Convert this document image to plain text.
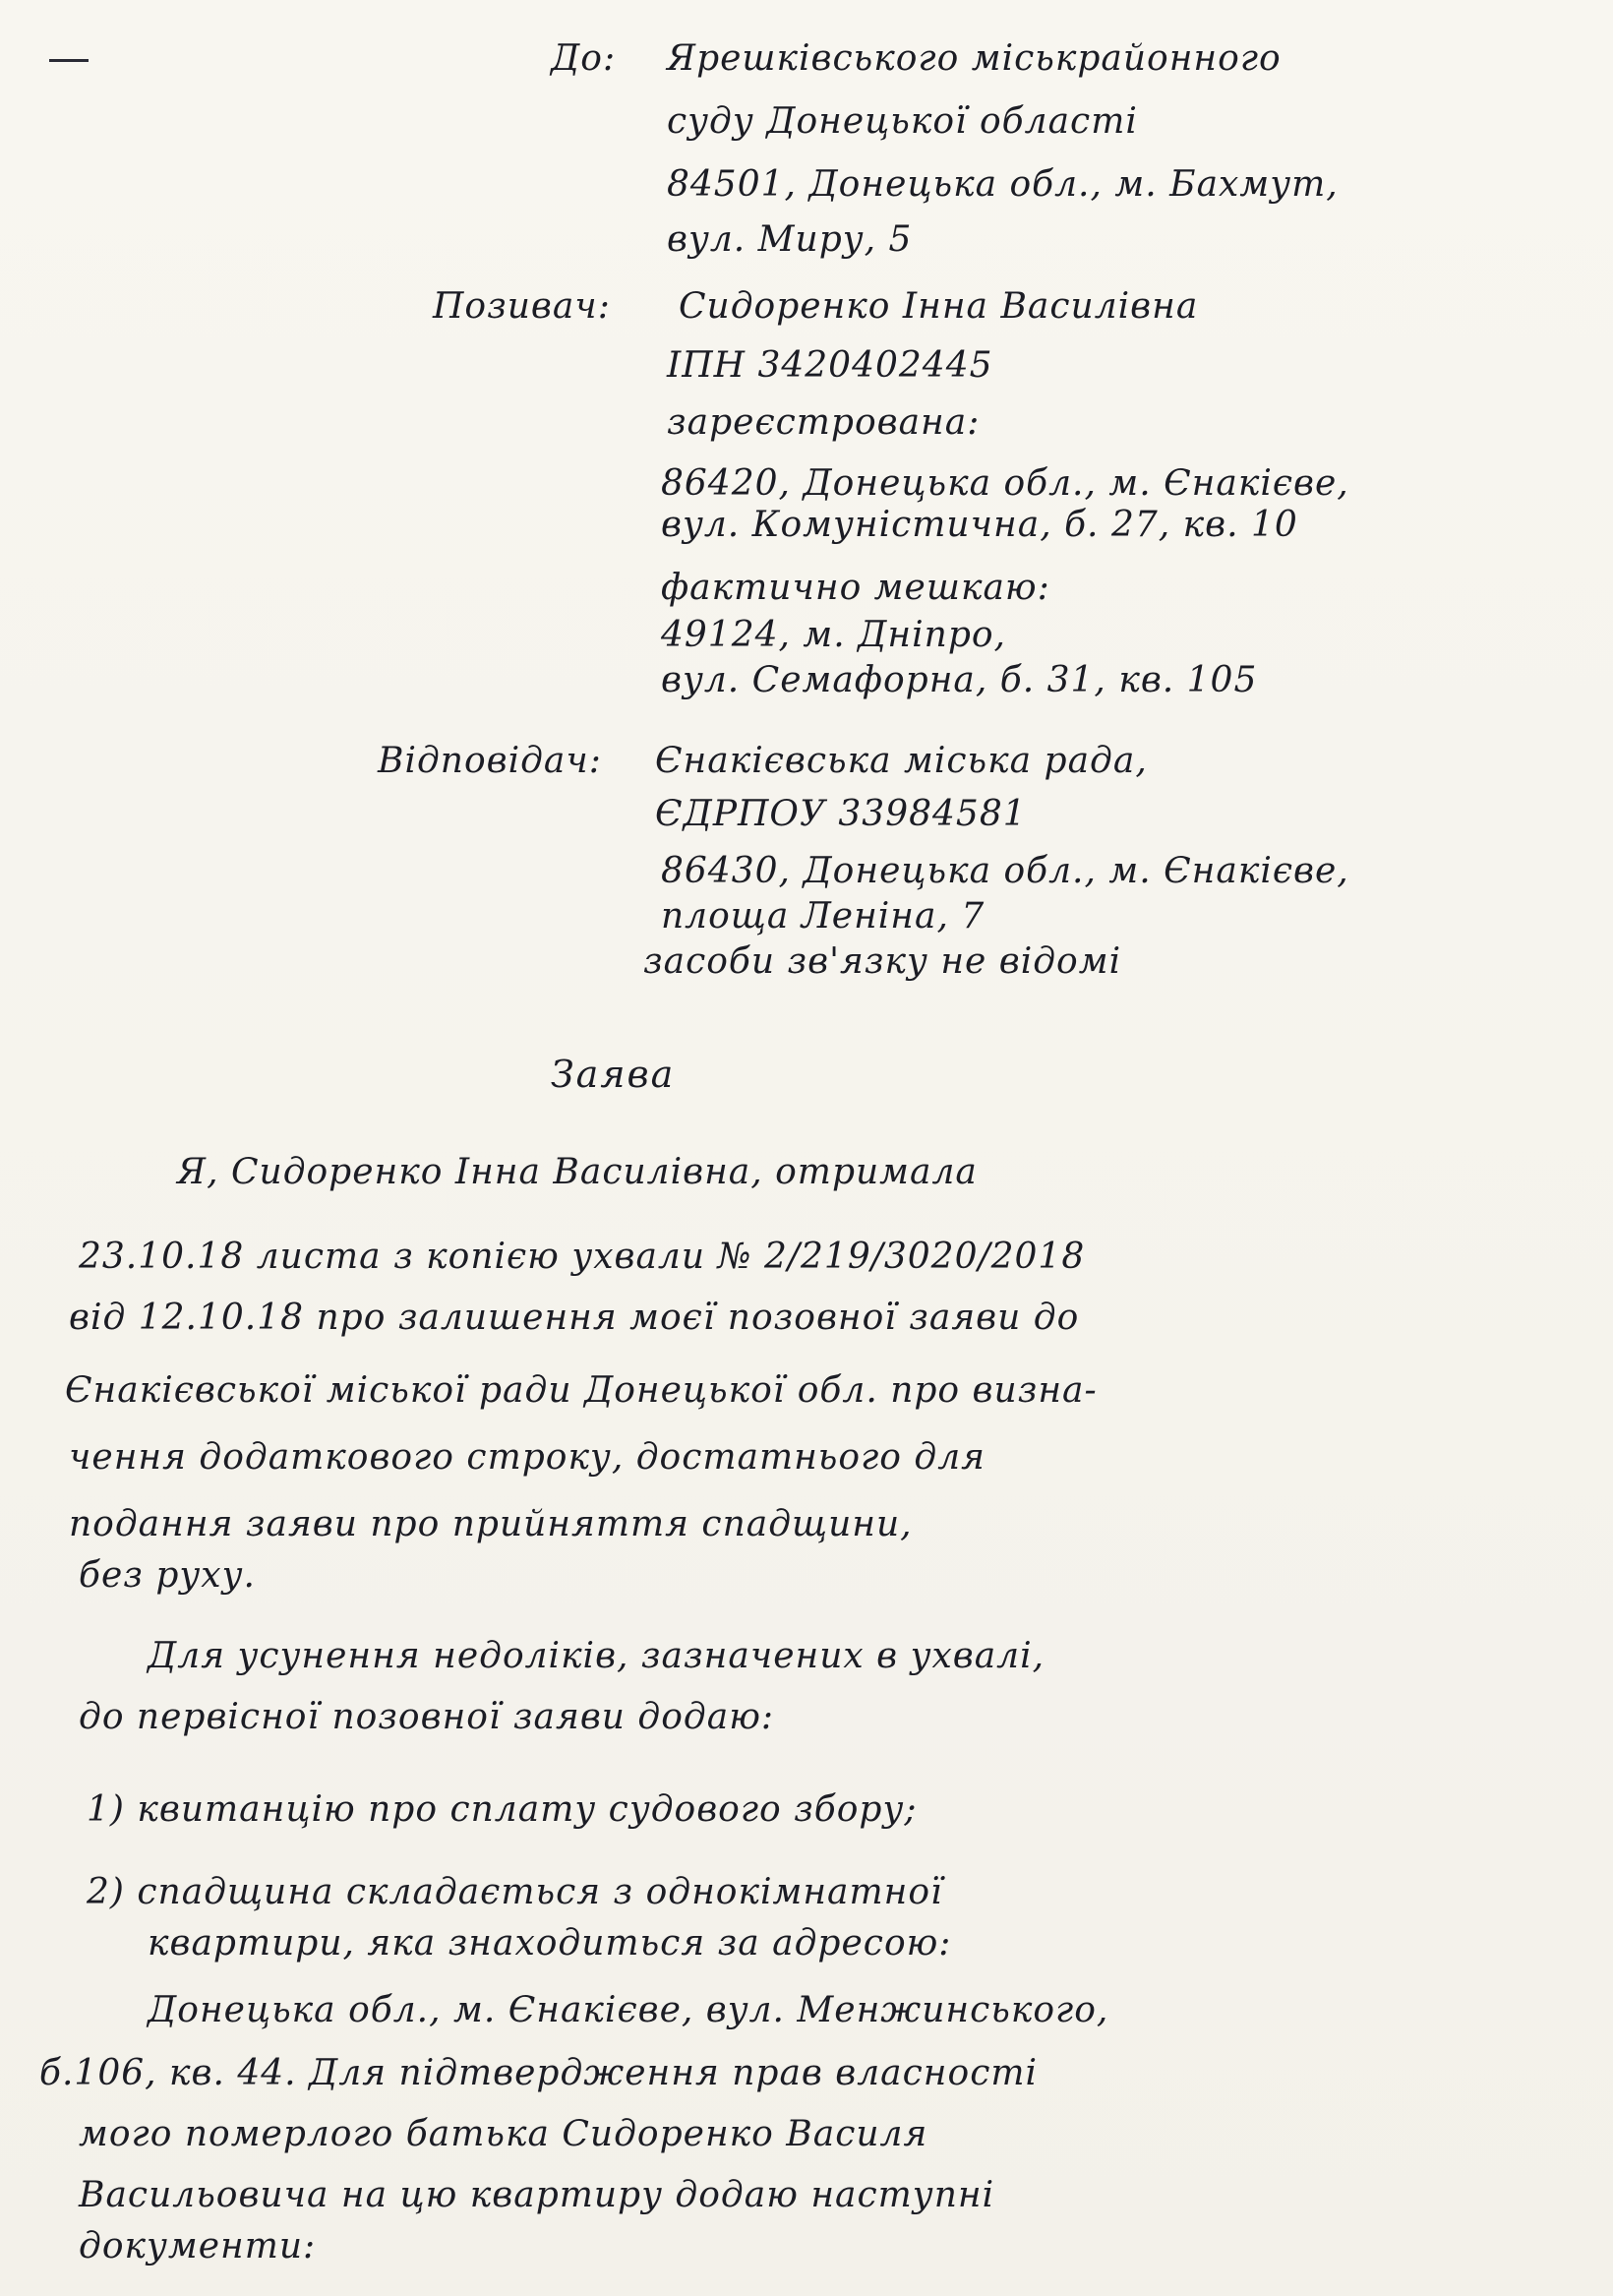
До: Ярешківського міськрайонного
суду Донецької області
84501, Донецька обл., м. Бахмут,
вул. Миру, 5
Позивач: Сидоренко Інна Василівна
ІПН 3420402445
зареєстрована:
86420, Донецька обл., м. Єнакієве,
вул. Комуністична, б. 27, кв. 10
фактично мешкаю:
49124, м. Дніпро,
вул. Семафорна, б. 31, кв. 105
Відповідач: Єнакієвська міська рада,
ЄДРПОУ 33984581
86430, Донецька обл., м. Єнакієве,
площа Леніна, 7
засоби зв'язку не відомі
Заява
Я, Сидоренко Інна Василівна, отримала
23.10.18 листа з копією ухвали № 2/219/3020/2018
від 12.10.18 про залишення моєї позовної заяви до
Єнакієвської міської ради Донецької обл. про визна-
чення додаткового строку, достатнього для
подання заяви про прийняття спадщини,
без руху.
Для усунення недоліків, зазначених в ухвалі,
до первісної позовної заяви додаю:
1) квитанцію про сплату судового збору;
2) спадщина складається з однокімнатної
квартири, яка знаходиться за адресою:
Донецька обл., м. Єнакієве, вул. Менжинського,
б.106, кв. 44. Для підтвердження прав власності
мого померлого батька Сидоренко Василя
Васильовича на цю квартиру додаю наступні
документи:
